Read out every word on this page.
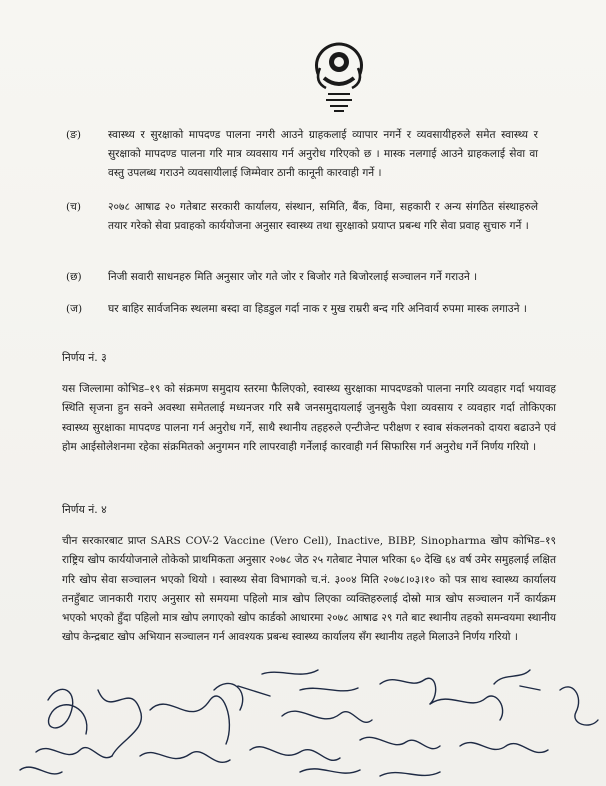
(ङ)	स्वास्थ्य र सुरक्षाको मापदण्ड पालना नगरी आउने ग्राहकलाई व्यापार नगर्ने र व्यवसायीहरुले समेत स्वास्थ्य र सुरक्षाको मापदण्ड पालना गरि मात्र व्यवसाय गर्न अनुरोध गरिएको छ । मास्क नलगाई आउने ग्राहकलाई सेवा वा वस्तु उपलब्ध गराउने व्यवसायीलाई जिम्मेवार ठानी कानूनी कारवाही गर्ने ।
(च)	२०७८ आषाढ २० गतेबाट सरकारी कार्यालय, संस्थान, समिति, बैंक, विमा, सहकारी र अन्य संगठित संस्थाहरुले तयार गरेको सेवा प्रवाहको कार्ययोजना अनुसार स्वास्थ्य तथा सुरक्षाको प्रयाप्त प्रबन्ध गरि सेवा प्रवाह सुचारु गर्ने ।
(छ) निजी सवारी साधनहरु मिति अनुसार जोर गते जोर र बिजोर गते बिजोरलाई सञ्चालन गर्ने गराउने ।
(ज) घर बाहिर सार्वजनिक स्थलमा बस्दा वा हिडडुल गर्दा नाक र मुख राम्ररी बन्द गरि अनिवार्य रुपमा मास्क लगाउने ।
निर्णय नं. ३
यस जिल्लामा कोभिड–१९ को संक्रमण समुदाय स्तरमा फैलिएको, स्वास्थ्य सुरक्षाका मापदण्डको पालना नगरि व्यवहार गर्दा भयावह स्थिति सृजना हुन सक्ने अवस्था समेतलाई मध्यनजर गरि सबै जनसमुदायलाई जुनसुकै पेशा व्यवसाय र व्यवहार गर्दा तोकिएका स्वास्थ्य सुरक्षाका मापदण्ड पालना गर्न अनुरोध गर्ने, साथै स्थानीय तहहरुले एन्टीजेन्ट परीक्षण र स्वाब संकलनको दायरा बढाउने एवं होम आईसोलेशनमा रहेका संक्रमितको अनुगमन गरि लापरवाही गर्नेलाई कारवाही गर्न सिफारिस गर्न अनुरोध गर्ने निर्णय गरियो ।
निर्णय नं. ४
चीन सरकारबाट प्राप्त SARS COV-2 Vaccine (Vero Cell), Inactive, BIBP, Sinopharma खोप कोभिड–१९ राष्ट्रिय खोप कार्ययोजनाले तोकेको प्राथमिकता अनुसार २०७८ जेठ २५ गतेबाट नेपाल भरिका ६० देखि ६४ वर्ष उमेर समुहलाई लक्षित गरि खोप सेवा सञ्चालन भएको थियो । स्वास्थ्य सेवा विभागको च.नं. ३००४ मिति २०७८।०३।१० को पत्र साथ स्वास्थ्य कार्यालय तनहुँबाट जानकारी गराए अनुसार सो समयमा पहिलो मात्र खोप लिएका व्यक्तिहरुलाई दोस्रो मात्र खोप सञ्चालन गर्ने कार्यक्रम भएको भएको हुँदा पहिलो मात्र खोप लगाएको खोप कार्डको आधारमा २०७८ आषाढ २९ गते बाट स्थानीय तहको समन्वयमा स्थानीय खोप केन्द्रबाट खोप अभियान सञ्चालन गर्न आवश्यक प्रबन्ध स्वास्थ्य कार्यालय सँग स्थानीय तहले मिलाउने निर्णय गरियो ।
